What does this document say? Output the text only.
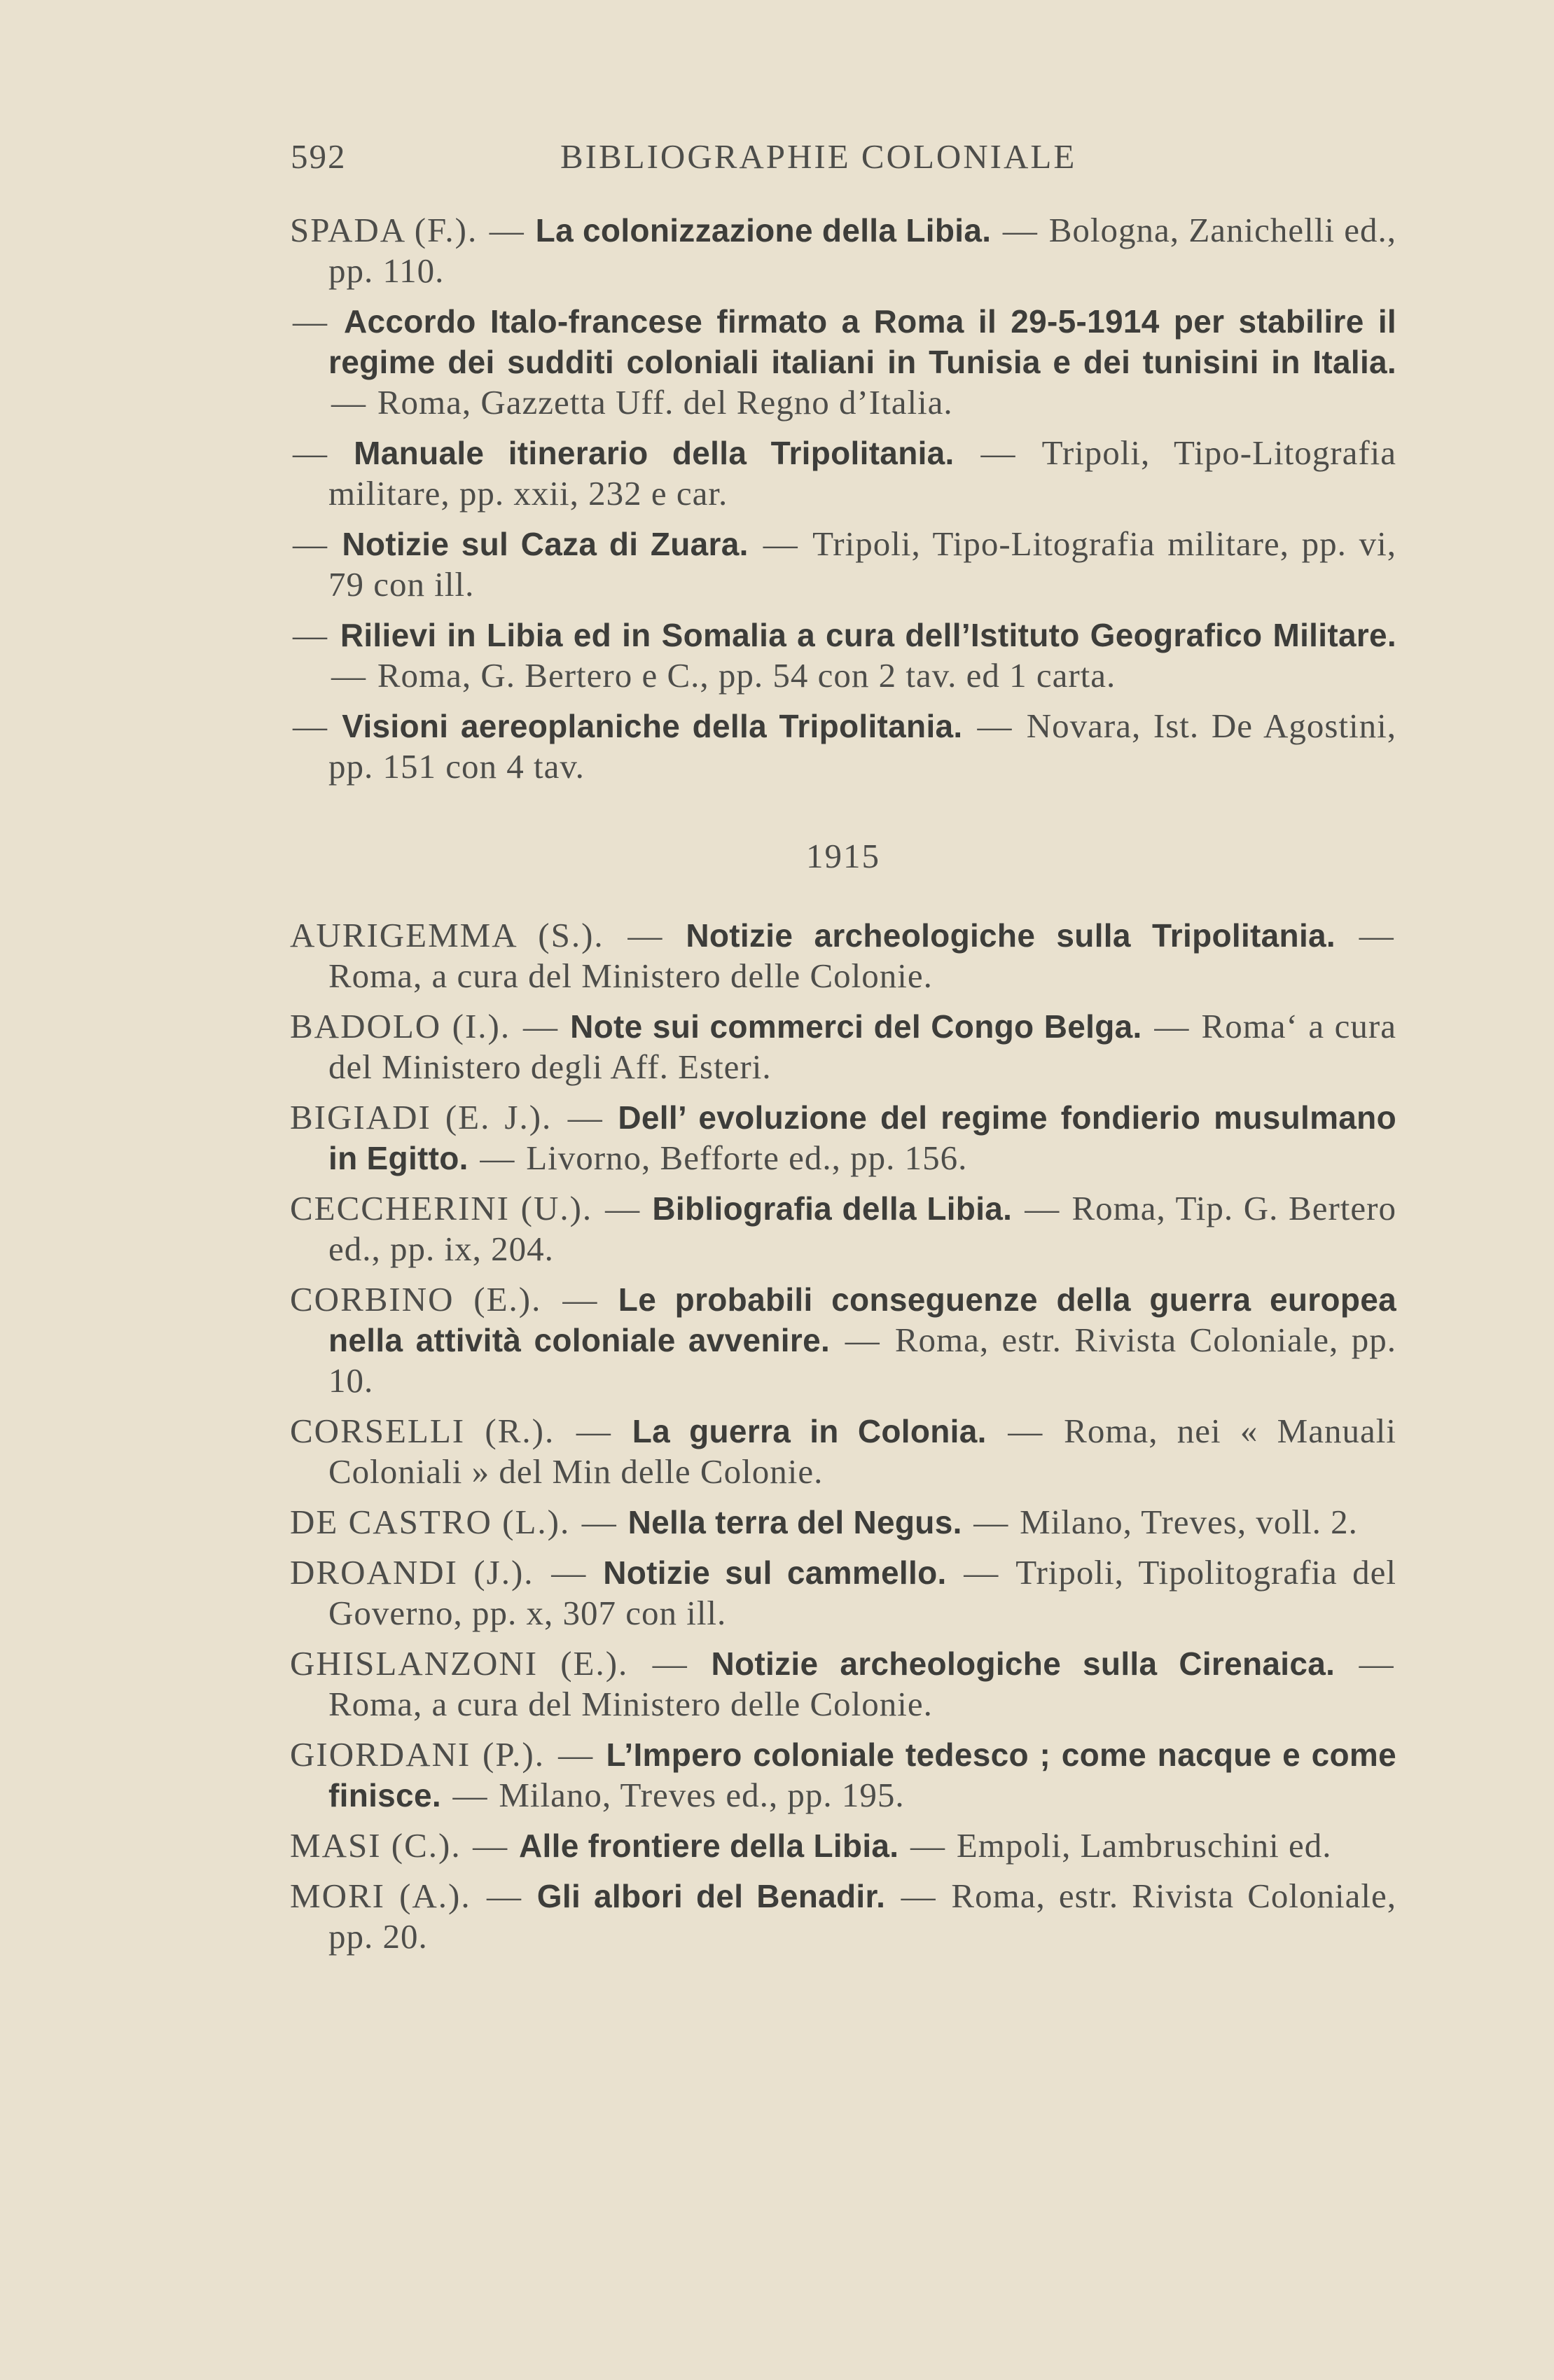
592	BIBLIOGRAPHIE COLONIALE

SPADA (F.). — La colonizzazione della Libia. — Bologna, Zanichelli ed., pp. 110.

— Accordo Italo-francese firmato a Roma il 29-5-1914 per stabilire il regime dei sudditi coloniali italiani in Tunisia e dei tunisini in Italia. — Roma, Gazzetta Uff. del Regno d’Italia.

— Manuale itinerario della Tripolitania. — Tripoli, Tipo-Litografia militare, pp. xxii, 232 e car.

— Notizie sul Caza di Zuara. — Tripoli, Tipo-Litografia militare, pp. vi, 79 con ill.

— Rilievi in Libia ed in Somalia a cura dell’Istituto Geografico Militare. — Roma, G. Bertero e C., pp. 54 con 2 tav. ed 1 carta.

— Visioni aereoplaniche della Tripolitania. — Novara, Ist. De Agostini, pp. 151 con 4 tav.

1915

AURIGEMMA (S.). — Notizie archeologiche sulla Tripolitania. — Roma, a cura del Ministero delle Colonie.

BADOLO (I.). — Note sui commerci del Congo Belga. — Roma‘ a cura del Ministero degli Aff. Esteri.

BIGIADI (E. J.). — Dell’ evoluzione del regime fondierio musulmano in Egitto. — Livorno, Befforte ed., pp. 156.

CECCHERINI (U.). — Bibliografia della Libia. — Roma, Tip. G. Bertero ed., pp. ix, 204.

CORBINO (E.). — Le probabili conseguenze della guerra europea nella attività coloniale avvenire. — Roma, estr. Rivista Coloniale, pp. 10.

CORSELLI (R.). — La guerra in Colonia. — Roma, nei « Manuali Coloniali » del Min delle Colonie.

DE CASTRO (L.). — Nella terra del Negus. — Milano, Treves, voll. 2.

DROANDI (J.). — Notizie sul cammello. — Tripoli, Tipolitografia del Governo, pp. x, 307 con ill.

GHISLANZONI (E.). — Notizie archeologiche sulla Cirenaica. — Roma, a cura del Ministero delle Colonie.

GIORDANI (P.). — L’Impero coloniale tedesco ; come nacque e come finisce. — Milano, Treves ed., pp. 195.

MASI (C.). — Alle frontiere della Libia. — Empoli, Lambruschini ed.

MORI (A.). — Gli albori del Benadir. — Roma, estr. Rivista Coloniale, pp. 20.
